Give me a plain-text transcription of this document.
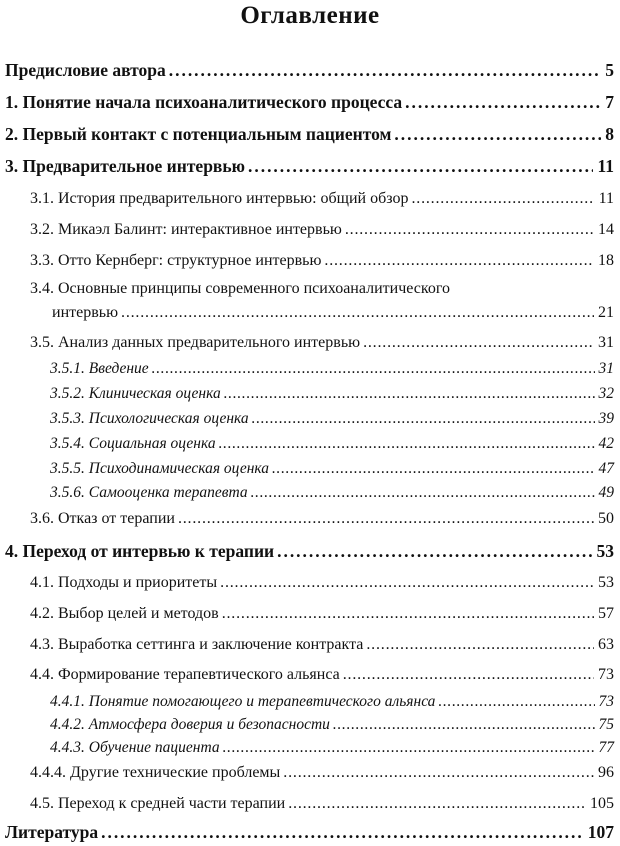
Оглавление
Предисловие автора . . .	5
1. Понятие начала психоаналитического процесса . . .	7
2. Первый контакт с потенциальным пациентом . . .	8
3. Предварительное интервью . . .	11
3.1. История предварительного интервью: общий обзор . . .	11
3.2. Микаэл Балинт: интерактивное интервью . . .	14
3.3. Отто Кернберг: структурное интервью . . .	18
3.4. Основные принципы современного психоаналитического
интервью . . .	21
3.5. Анализ данных предварительного интервью . . .	31
3.5.1. Введение . . .	31
3.5.2. Клиническая оценка . . .	32
3.5.3. Психологическая оценка . . .	39
3.5.4. Социальная оценка . . .	42
3.5.5. Психодинамическая оценка . . .	47
3.5.6. Самооценка терапевта . . .	49
3.6. Отказ от терапии . . .	50
4. Переход от интервью к терапии . . .	53
4.1. Подходы и приоритеты . . .	53
4.2. Выбор целей и методов . . .	57
4.3. Выработка сеттинга и заключение контракта . . .	63
4.4. Формирование терапевтического альянса . . .	73
4.4.1. Понятие помогающего и терапевтического альянса . . .	73
4.4.2. Атмосфера доверия и безопасности . . .	75
4.4.3. Обучение пациента . . .	77
4.4.4. Другие технические проблемы . . .	96
4.5. Переход к средней части терапии . . .	105
Литература . . .	107
